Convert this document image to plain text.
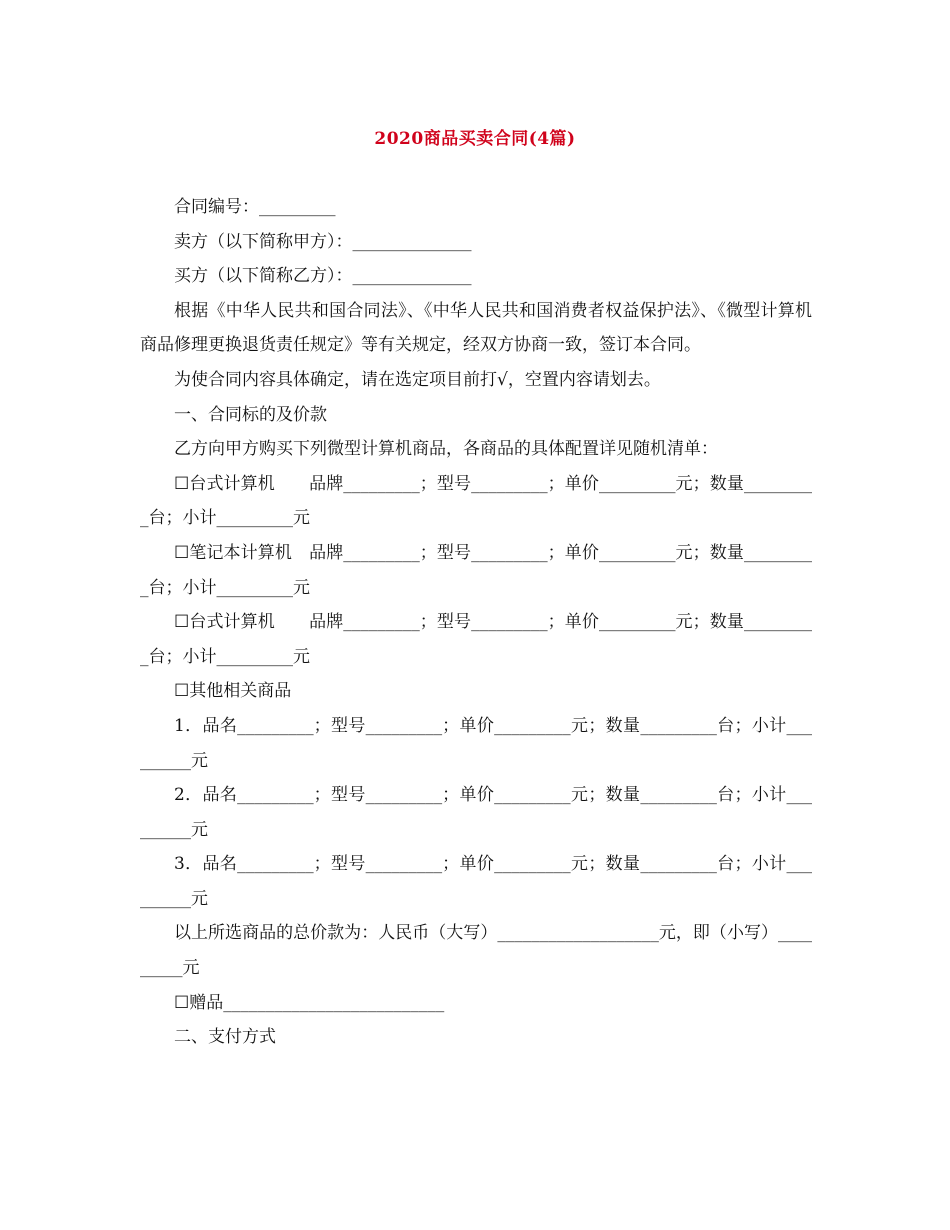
2020商品买卖合同(4篇)

合同编号：_________

卖方（以下简称甲方）：______________

买方（以下简称乙方）：______________

根据《中华人民共和国合同法》、《中华人民共和国消费者权益保护法》、《微型计算机商品修理更换退货责任规定》等有关规定，经双方协商一致，签订本合同。

为使合同内容具体确定，请在选定项目前打√，空置内容请划去。

一、合同标的及价款

乙方向甲方购买下列微型计算机商品，各商品的具体配置详见随机清单：

☐台式计算机　　品牌_________；型号_________；单价_________元；数量_________台；小计_________元

☐笔记本计算机　品牌_________；型号_________；单价_________元；数量_________台；小计_________元

☐台式计算机　　品牌_________；型号_________；单价_________元；数量_________台；小计_________元

☐其他相关商品

1．品名_________；型号_________；单价_________元；数量_________台；小计_________元

2．品名_________；型号_________；单价_________元；数量_________台；小计_________元

3．品名_________；型号_________；单价_________元；数量_________台；小计_________元

以上所选商品的总价款为：人民币（大写）___________________元，即（小写）_________元

☐赠品__________________________

二、支付方式
